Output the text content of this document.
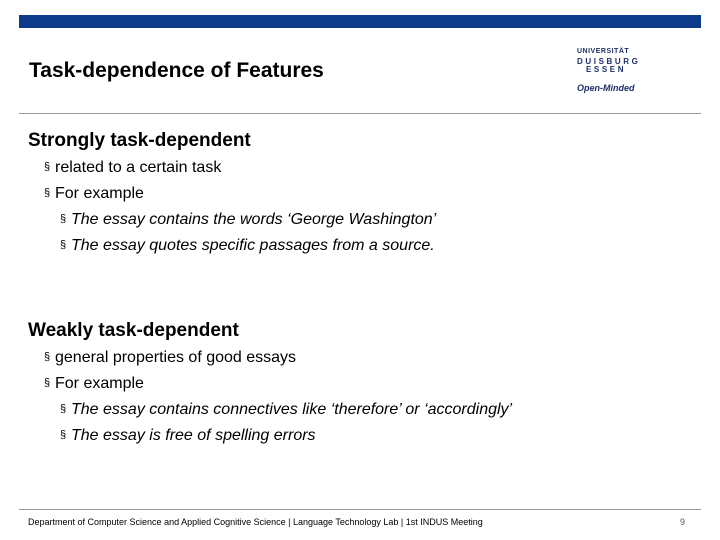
Task-dependence of Features
UNIVERSITÄT
DUISBURG
ESSEN
Open-Minded
Strongly task-dependent
§ related to a certain task
§ For example
§ The essay contains the words ‘George Washington’
§ The essay quotes specific passages from a source.
Weakly task-dependent
§ general properties of good essays
§ For example
§ The essay contains connectives like ‘therefore’ or ‘accordingly’
§ The essay is free of spelling errors
Department of Computer Science and Applied Cognitive Science | Language Technology Lab | 1st INDUS Meeting	9
